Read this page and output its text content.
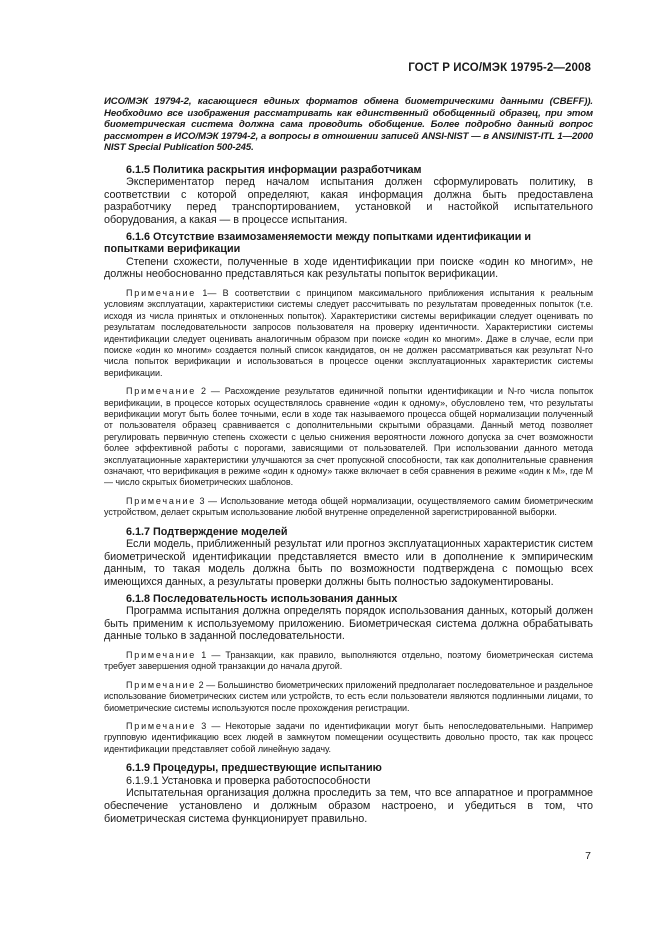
ГОСТ Р ИСО/МЭК 19795-2—2008

ИСО/МЭК 19794-2, касающиеся единых форматов обмена биометрическими данными (CBEFF)). Необходимо все изображения рассматривать как единственный обобщенный образец, при этом биометрическая система должна сама проводить обобщение. Более подробно данный вопрос рассмотрен в ИСО/МЭК 19794-2, а вопросы в отношении записей ANSI-NIST — в ANSI/NIST-ITL 1—2000 NIST Special Publication 500-245.

6.1.5 Политика раскрытия информации разработчикам

Экспериментатор перед началом испытания должен сформулировать политику, в соответствии с которой определяют, какая информация должна быть предоставлена разработчику перед транспортированием, установкой и настойкой испытательного оборудования, а какая — в процессе испытания.

6.1.6 Отсутствие взаимозаменяемости между попытками идентификации и попытками верификации

Степени схожести, полученные в ходе идентификации при поиске «один ко многим», не должны необоснованно представляться как результаты попыток верификации.

Примечание 1— В соответствии с принципом максимального приближения испытания к реальным условиям эксплуатации, характеристики системы следует рассчитывать по результатам проведенных попыток (т.е. исходя из числа принятых и отклоненных попыток). Характеристики системы верификации следует оценивать по результатам последовательности запросов пользователя на проверку идентичности. Характеристики системы идентификации следует оценивать аналогичным образом при поиске «один ко многим». Даже в случае, если при поиске «один ко многим» создается полный список кандидатов, он не должен рассматриваться как результат N-го числа попыток верификации и использоваться в процессе оценки эксплуатационных характеристик системы верификации.

Примечание 2 — Расхождение результатов единичной попытки идентификации и N-го числа попыток верификации, в процессе которых осуществлялось сравнение «один к одному», обусловлено тем, что результаты верификации могут быть более точными, если в ходе так называемого процесса общей нормализации полученный от пользователя образец сравнивается с дополнительными скрытыми образцами. Данный метод позволяет регулировать первичную степень схожести с целью снижения вероятности ложного допуска за счет возможности более эффективной работы с порогами, зависящими от пользователей. При использовании данного метода эксплуатационные характеристики улучшаются за счет пропускной способности, так как дополнительные сравнения означают, что верификация в режиме «один к одному» также включает в себя сравнения в режиме «один к М», где М — число скрытых биометрических шаблонов.

Примечание 3 — Использование метода общей нормализации, осуществляемого самим биометрическим устройством, делает скрытым использование любой внутренне определенной зарегистрированной выборки.

6.1.7 Подтверждение моделей

Если модель, приближенный результат или прогноз эксплуатационных характеристик систем биометрической идентификации представляется вместо или в дополнение к эмпирическим данным, то такая модель должна быть по возможности подтверждена с помощью всех имеющихся данных, а результаты проверки должны быть полностью задокументированы.

6.1.8 Последовательность использования данных

Программа испытания должна определять порядок использования данных, который должен быть применим к используемому приложению. Биометрическая система должна обрабатывать данные только в заданной последовательности.

Примечание 1 — Транзакции, как правило, выполняются отдельно, поэтому биометрическая система требует завершения одной транзакции до начала другой.

Примечание 2 — Большинство биометрических приложений предполагает последовательное и раздельное использование биометрических систем или устройств, то есть если пользователи являются подлинными лицами, то биометрические системы используются после прохождения регистрации.

Примечание 3 — Некоторые задачи по идентификации могут быть непоследовательными. Например групповую идентификацию всех людей в замкнутом помещении осуществить довольно просто, так как процесс идентификации представляет собой линейную задачу.

6.1.9 Процедуры, предшествующие испытанию

6.1.9.1 Установка и проверка работоспособности

Испытательная организация должна проследить за тем, что все аппаратное и программное обеспечение установлено и должным образом настроено, и убедиться в том, что биометрическая система функционирует правильно.

7
